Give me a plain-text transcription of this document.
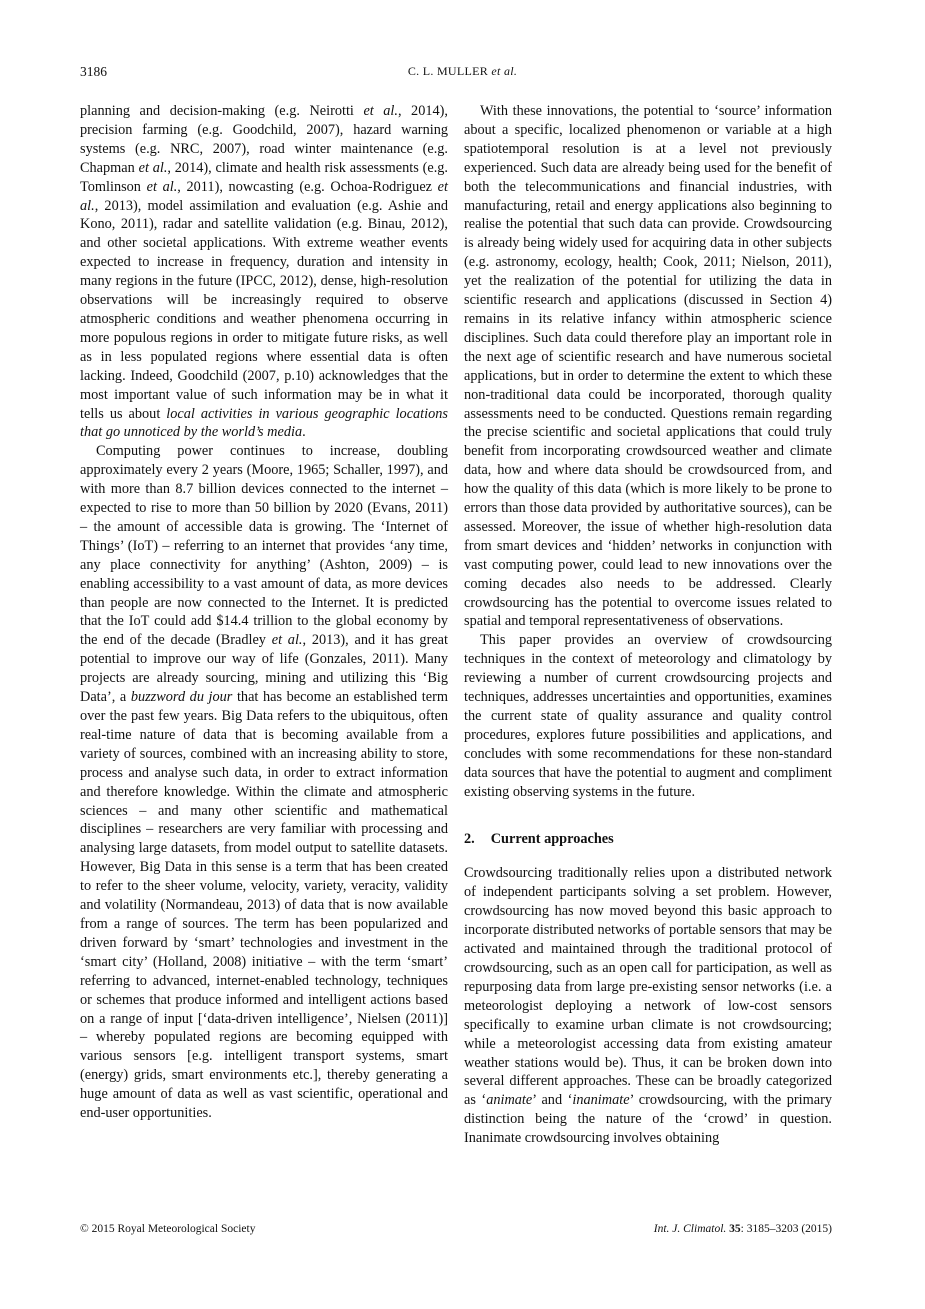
3186	C. L. MULLER et al.

planning and decision-making (e.g. Neirotti et al., 2014), precision farming (e.g. Goodchild, 2007), hazard warning systems (e.g. NRC, 2007), road winter maintenance (e.g. Chapman et al., 2014), climate and health risk assessments (e.g. Tomlinson et al., 2011), nowcasting (e.g. Ochoa-Rodriguez et al., 2013), model assimilation and evaluation (e.g. Ashie and Kono, 2011), radar and satellite validation (e.g. Binau, 2012), and other societal applications. With extreme weather events expected to increase in frequency, duration and intensity in many regions in the future (IPCC, 2012), dense, high-resolution observations will be increasingly required to observe atmospheric conditions and weather phenomena occurring in more populous regions in order to mitigate future risks, as well as in less populated regions where essential data is often lacking. Indeed, Goodchild (2007, p.10) acknowledges that the most important value of such information may be in what it tells us about local activities in various geographic locations that go unnoticed by the world’s media.

Computing power continues to increase, doubling approximately every 2 years (Moore, 1965; Schaller, 1997), and with more than 8.7 billion devices connected to the internet – expected to rise to more than 50 billion by 2020 (Evans, 2011) – the amount of accessible data is growing. The ‘Internet of Things’ (IoT) – referring to an internet that provides ‘any time, any place connectivity for anything’ (Ashton, 2009) – is enabling accessibility to a vast amount of data, as more devices than people are now connected to the Internet. It is predicted that the IoT could add $14.4 trillion to the global economy by the end of the decade (Bradley et al., 2013), and it has great potential to improve our way of life (Gonzales, 2011). Many projects are already sourcing, mining and utilizing this ‘Big Data’, a buzzword du jour that has become an established term over the past few years. Big Data refers to the ubiquitous, often real-time nature of data that is becoming available from a variety of sources, combined with an increasing ability to store, process and analyse such data, in order to extract information and therefore knowledge. Within the climate and atmospheric sciences – and many other scientific and mathematical disciplines – researchers are very familiar with processing and analysing large datasets, from model output to satellite datasets. However, Big Data in this sense is a term that has been created to refer to the sheer volume, velocity, variety, veracity, validity and volatility (Normandeau, 2013) of data that is now available from a range of sources. The term has been popularized and driven forward by ‘smart’ technologies and investment in the ‘smart city’ (Holland, 2008) initiative – with the term ‘smart’ referring to advanced, internet-enabled technology, techniques or schemes that produce informed and intelligent actions based on a range of input [‘data-driven intelligence’, Nielsen (2011)] – whereby populated regions are becoming equipped with various sensors [e.g. intelligent transport systems, smart (energy) grids, smart environments etc.], thereby generating a huge amount of data as well as vast scientific, operational and end-user opportunities.

With these innovations, the potential to ‘source’ information about a specific, localized phenomenon or variable at a high spatiotemporal resolution is at a level not previously experienced. Such data are already being used for the benefit of both the telecommunications and financial industries, with manufacturing, retail and energy applications also beginning to realise the potential that such data can provide. Crowdsourcing is already being widely used for acquiring data in other subjects (e.g. astronomy, ecology, health; Cook, 2011; Nielson, 2011), yet the realization of the potential for utilizing the data in scientific research and applications (discussed in Section 4) remains in its relative infancy within atmospheric science disciplines. Such data could therefore play an important role in the next age of scientific research and have numerous societal applications, but in order to determine the extent to which these non-traditional data could be incorporated, thorough quality assessments need to be conducted. Questions remain regarding the precise scientific and societal applications that could truly benefit from incorporating crowdsourced weather and climate data, how and where data should be crowdsourced from, and how the quality of this data (which is more likely to be prone to errors than those data provided by authoritative sources), can be assessed. Moreover, the issue of whether high-resolution data from smart devices and ‘hidden’ networks in conjunction with vast computing power, could lead to new innovations over the coming decades also needs to be addressed. Clearly crowdsourcing has the potential to overcome issues related to spatial and temporal representativeness of observations.

This paper provides an overview of crowdsourcing techniques in the context of meteorology and climatology by reviewing a number of current crowdsourcing projects and techniques, addresses uncertainties and opportunities, examines the current state of quality assurance and quality control procedures, explores future possibilities and applications, and concludes with some recommendations for these non-standard data sources that have the potential to augment and compliment existing observing systems in the future.

2. Current approaches

Crowdsourcing traditionally relies upon a distributed network of independent participants solving a set problem. However, crowdsourcing has now moved beyond this basic approach to incorporate distributed networks of portable sensors that may be activated and maintained through the traditional protocol of crowdsourcing, such as an open call for participation, as well as repurposing data from large pre-existing sensor networks (i.e. a meteorologist deploying a network of low-cost sensors specifically to examine urban climate is not crowdsourcing; while a meteorologist accessing data from existing amateur weather stations would be). Thus, it can be broken down into several different approaches. These can be broadly categorized as ‘animate’ and ‘inanimate’ crowdsourcing, with the primary distinction being the nature of the ‘crowd’ in question. Inanimate crowdsourcing involves obtaining

© 2015 Royal Meteorological Society	Int. J. Climatol. 35: 3185–3203 (2015)
